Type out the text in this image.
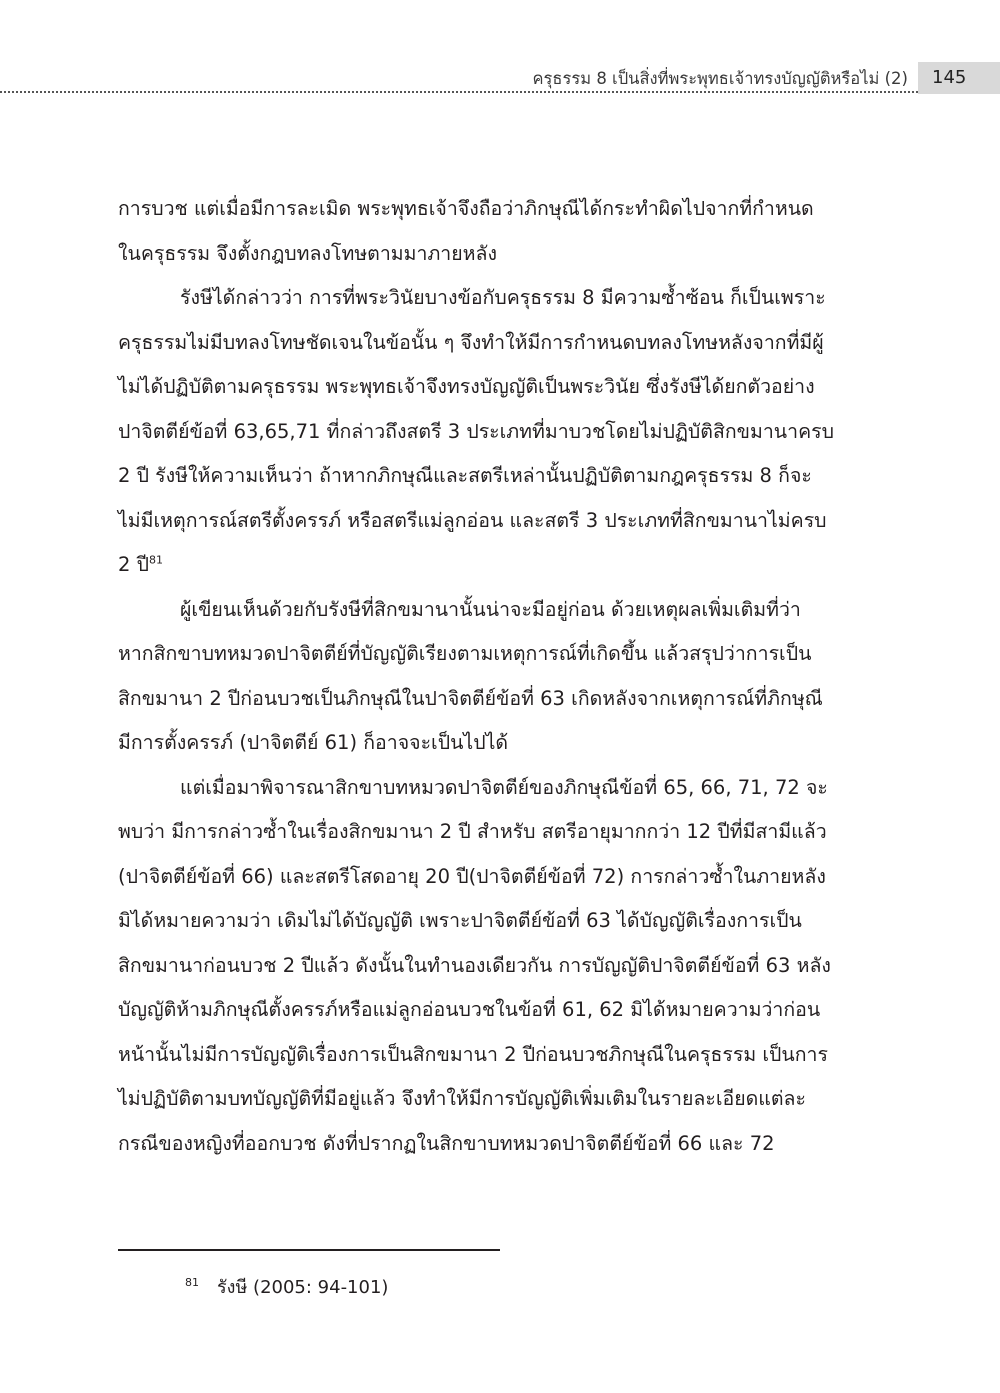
ครุธรรม 8 เป็นสิ่งที่พระพุทธเจ้าทรงบัญญัติหรือไม่ (2)	145
การบวช แต่เมื่อมีการละเมิด พระพุทธเจ้าจึงถือว่าภิกษุณีได้กระทำผิดไปจากที่กำหนด
ในครุธรรม จึงตั้งกฎบทลงโทษตามมาภายหลัง
รังษีได้กล่าวว่า การที่พระวินัยบางข้อกับครุธรรม 8 มีความซ้ำซ้อน ก็เป็นเพราะ
ครุธรรมไม่มีบทลงโทษชัดเจนในข้อนั้น ๆ จึงทำให้มีการกำหนดบทลงโทษหลังจากที่มีผู้
ไม่ได้ปฏิบัติตามครุธรรม พระพุทธเจ้าจึงทรงบัญญัติเป็นพระวินัย ซึ่งรังษีได้ยกตัวอย่าง
ปาจิตตีย์ข้อที่ 63,65,71 ที่กล่าวถึงสตรี 3 ประเภทที่มาบวชโดยไม่ปฏิบัติสิกขมานาครบ
2 ปี รังษีให้ความเห็นว่า ถ้าหากภิกษุณีและสตรีเหล่านั้นปฏิบัติตามกฎครุธรรม 8 ก็จะ
ไม่มีเหตุการณ์สตรีตั้งครรภ์ หรือสตรีแม่ลูกอ่อน และสตรี 3 ประเภทที่สิกขมานาไม่ครบ
2 ปี$^{81}$
ผู้เขียนเห็นด้วยกับรังษีที่สิกขมานานั้นน่าจะมีอยู่ก่อน ด้วยเหตุผลเพิ่มเติมที่ว่า
หากสิกขาบทหมวดปาจิตตีย์ที่บัญญัติเรียงตามเหตุการณ์ที่เกิดขึ้น แล้วสรุปว่าการเป็น
สิกขมานา 2 ปีก่อนบวชเป็นภิกษุณีในปาจิตตีย์ข้อที่ 63 เกิดหลังจากเหตุการณ์ที่ภิกษุณี
มีการตั้งครรภ์ (ปาจิตตีย์ 61) ก็อาจจะเป็นไปได้
แต่เมื่อมาพิจารณาสิกขาบทหมวดปาจิตตีย์ของภิกษุณีข้อที่ 65, 66, 71, 72 จะ
พบว่า มีการกล่าวซ้ำในเรื่องสิกขมานา 2 ปี สำหรับ สตรีอายุมากกว่า 12 ปีที่มีสามีแล้ว
(ปาจิตตีย์ข้อที่ 66) และสตรีโสดอายุ 20 ปี(ปาจิตตีย์ข้อที่ 72) การกล่าวซ้ำในภายหลัง
มิได้หมายความว่า เดิมไม่ได้บัญญัติ เพราะปาจิตตีย์ข้อที่ 63 ได้บัญญัติเรื่องการเป็น
สิกขมานาก่อนบวช 2 ปีแล้ว ดังนั้นในทำนองเดียวกัน การบัญญัติปาจิตตีย์ข้อที่ 63 หลัง
บัญญัติห้ามภิกษุณีตั้งครรภ์หรือแม่ลูกอ่อนบวชในข้อที่ 61, 62 มิได้หมายความว่าก่อน
หน้านั้นไม่มีการบัญญัติเรื่องการเป็นสิกขมานา 2 ปีก่อนบวชภิกษุณีในครุธรรม เป็นการ
ไม่ปฏิบัติตามบทบัญญัติที่มีอยู่แล้ว จึงทำให้มีการบัญญัติเพิ่มเติมในรายละเอียดแต่ละ
กรณีของหญิงที่ออกบวช ดังที่ปรากฏในสิกขาบทหมวดปาจิตตีย์ข้อที่ 66 และ 72
$^{81}$ รังษี (2005: 94-101)
